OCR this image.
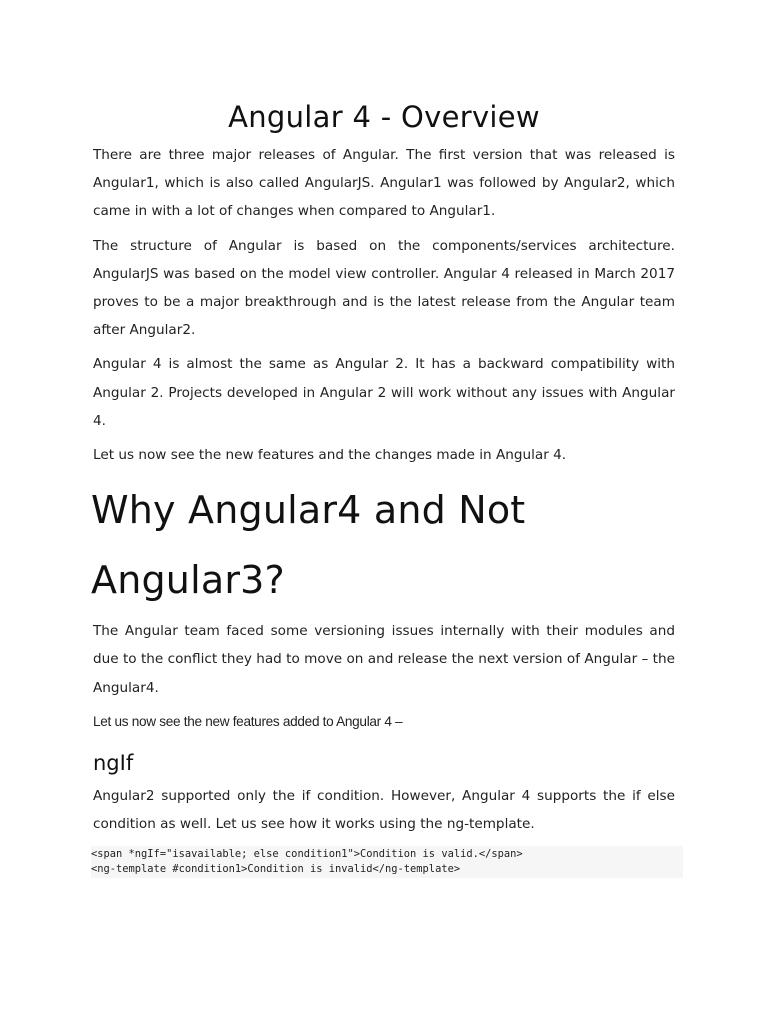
Angular 4 - Overview

There are three major releases of Angular. The first version that was released is Angular1, which is also called AngularJS. Angular1 was followed by Angular2, which came in with a lot of changes when compared to Angular1.

The structure of Angular is based on the components/services architecture. AngularJS was based on the model view controller. Angular 4 released in March 2017 proves to be a major breakthrough and is the latest release from the Angular team after Angular2.

Angular 4 is almost the same as Angular 2. It has a backward compatibility with Angular 2. Projects developed in Angular 2 will work without any issues with Angular 4.

Let us now see the new features and the changes made in Angular 4.

Why Angular4 and Not Angular3?

The Angular team faced some versioning issues internally with their modules and due to the conflict they had to move on and release the next version of Angular – the Angular4.

Let us now see the new features added to Angular 4 –

ngIf

Angular2 supported only the if condition. However, Angular 4 supports the if else condition as well. Let us see how it works using the ng-template.

<span *ngIf="isavailable; else condition1">Condition is valid.</span>
<ng-template #condition1>Condition is invalid</ng-template>
